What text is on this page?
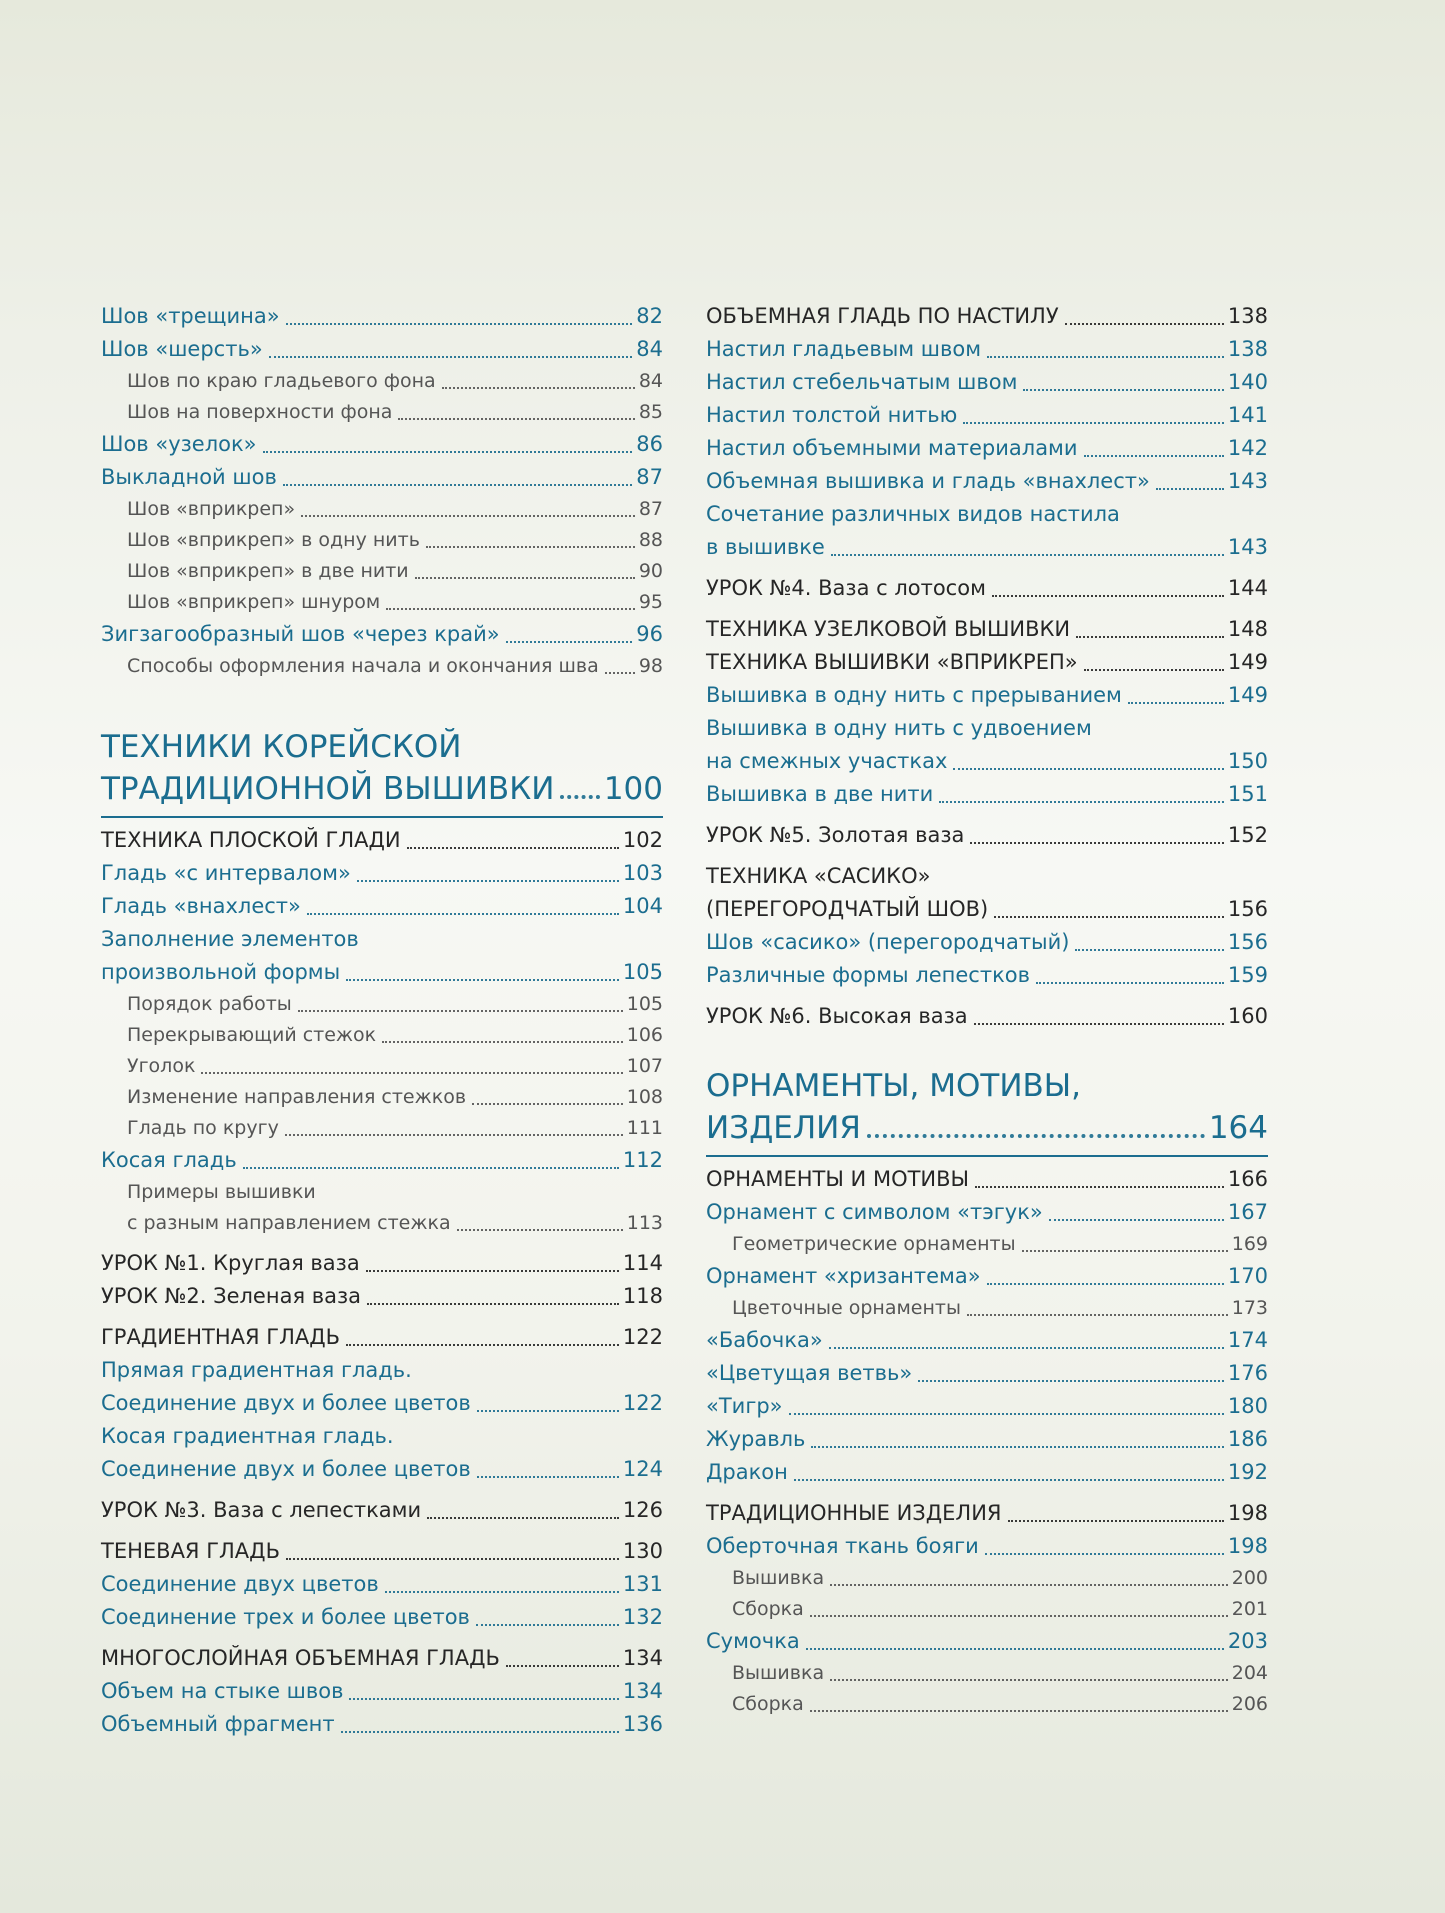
Шов «трещина»	82
Шов «шерсть»	84
Шов по краю гладьевого фона	84
Шов на поверхности фона	85
Шов «узелок»	86
Выкладной шов	87
Шов «вприкреп»	87
Шов «вприкреп» в одну нить	88
Шов «вприкреп» в две нити	90
Шов «вприкреп» шнуром	95
Зигзагообразный шов «через край»	96
Способы оформления начала и окончания шва 98
ТЕХНИКИ КОРЕЙСКОЙ
ТРАДИЦИОННОЙ ВЫШИВКИ 100
ТЕХНИКА ПЛОСКОЙ ГЛАДИ	102
Гладь «с интервалом»	103
Гладь «внахлест»	104
Заполнение элементов
произвольной формы	105
Порядок работы	105
Перекрывающий стежок	106
Уголок	107
Изменение направления стежков	108
Гладь по кругу	111
Косая гладь	112
Примеры вышивки
с разным направлением стежка	113
УРОК №1. Круглая ваза	114
УРОК №2. Зеленая ваза	118
ГРАДИЕНТНАЯ ГЛАДЬ	122
Прямая градиентная гладь.
Соединение двух и более цветов	122
Косая градиентная гладь.
Соединение двух и более цветов	124
УРОК №3. Ваза с лепестками	126
ТЕНЕВАЯ ГЛАДЬ	130
Соединение двух цветов	131
Соединение трех и более цветов	132
МНОГОСЛОЙНАЯ ОБЪЕМНАЯ ГЛАДЬ	134
Объем на стыке швов	134
Объемный фрагмент	136
ОБЪЕМНАЯ ГЛАДЬ ПО НАСТИЛУ	138
Настил гладьевым швом	138
Настил стебельчатым швом	140
Настил толстой нитью	141
Настил объемными материалами	142
Объемная вышивка и гладь «внахлест»	143
Сочетание различных видов настила
в вышивке	143
УРОК №4. Ваза с лотосом	144
ТЕХНИКА УЗЕЛКОВОЙ ВЫШИВКИ	148
ТЕХНИКА ВЫШИВКИ «ВПРИКРЕП»	149
Вышивка в одну нить с прерыванием	149
Вышивка в одну нить с удвоением
на смежных участках	150
Вышивка в две нити	151
УРОК №5. Золотая ваза	152
ТЕХНИКА «САСИКО»
(ПЕРЕГОРОДЧАТЫЙ ШОВ)	156
Шов «сасико» (перегородчатый)	156
Различные формы лепестков	159
УРОК №6. Высокая ваза	160
ОРНАМЕНТЫ, МОТИВЫ,
ИЗДЕЛИЯ	164
ОРНАМЕНТЫ И МОТИВЫ	166
Орнамент с символом «тэгук»	167
Геометрические орнаменты	169
Орнамент «хризантема»	170
Цветочные орнаменты	173
«Бабочка»	174
«Цветущая ветвь»	176
«Тигр»	180
Журавль	186
Дракон	192
ТРАДИЦИОННЫЕ ИЗДЕЛИЯ	198
Оберточная ткань бояги	198
Вышивка	200
Сборка	201
Сумочка	203
Вышивка	204
Сборка	206
